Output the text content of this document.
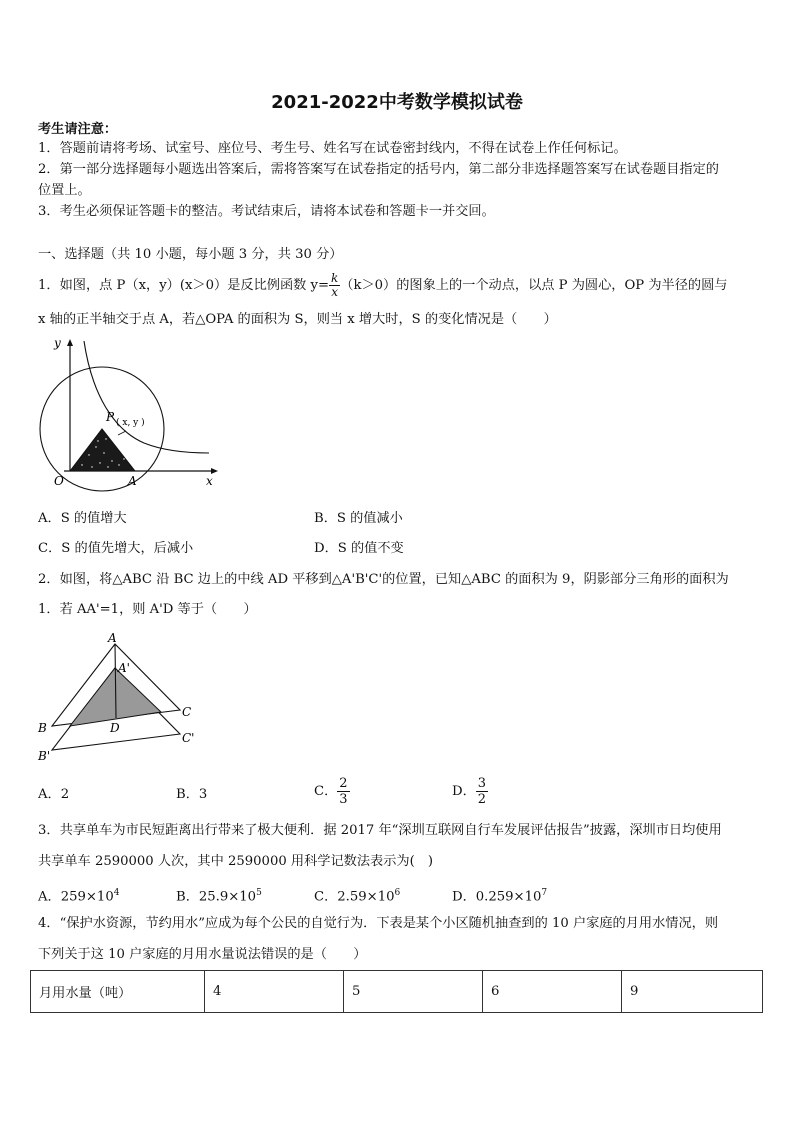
2021-2022中考数学模拟试卷
考生请注意：
1．答题前请将考场、试室号、座位号、考生号、姓名写在试卷密封线内，不得在试卷上作任何标记。
2．第一部分选择题每小题选出答案后，需将答案写在试卷指定的括号内，第二部分非选择题答案写在试卷题目指定的
位置上。
3．考生必须保证答题卡的整洁。考试结束后，请将本试卷和答题卡一并交回。
一、选择题（共 10 小题，每小题 3 分，共 30 分）
1．如图，点 P（x，y）(x＞0）是反比例函数 $y= \frac{k}{x} (k>0)$的图象上的一个动点，以点 P 为圆心，OP 为半径的圆与
x 轴的正半轴交于点 A，若△OPA 的面积为 S，则当 x 增大时，S 的变化情况是（　　）
y
x
O	A
P ( x, y )
A．S 的值增大	B．S 的值减小
C．S 的值先增大，后减小	D．S 的值不变
2．如图，将△ABC 沿 BC 边上的中线 AD 平移到△A'B'C'的位置，已知△ABC 的面积为 9，阴影部分三角形的面积为
1．若 AA'=1，则 A'D 等于（　　）
A
A'
B
B'
C
C'
D
A．2	B．3	C． $\frac{2}{3}$	D． $\frac{3}{2}$
3．共享单车为市民短距离出行带来了极大便利．据 2017 年“深圳互联网自行车发展评估报告”披露，深圳市日均使用
共享单车 2590000 人次，其中 2590000 用科学记数法表示为(　)
A．$259\times 10^4$	B．$25.9\times 10^5$	C．$2.59\times 10^6$	D．$0.259\times 10^7$
4．“保护水资源，节约用水”应成为每个公民的自觉行为．下表是某个小区随机抽查到的 10 户家庭的月用水情况，则
下列关于这 10 户家庭的月用水量说法错误的是（　　）
月用水量（吨）	4	5	6	9
